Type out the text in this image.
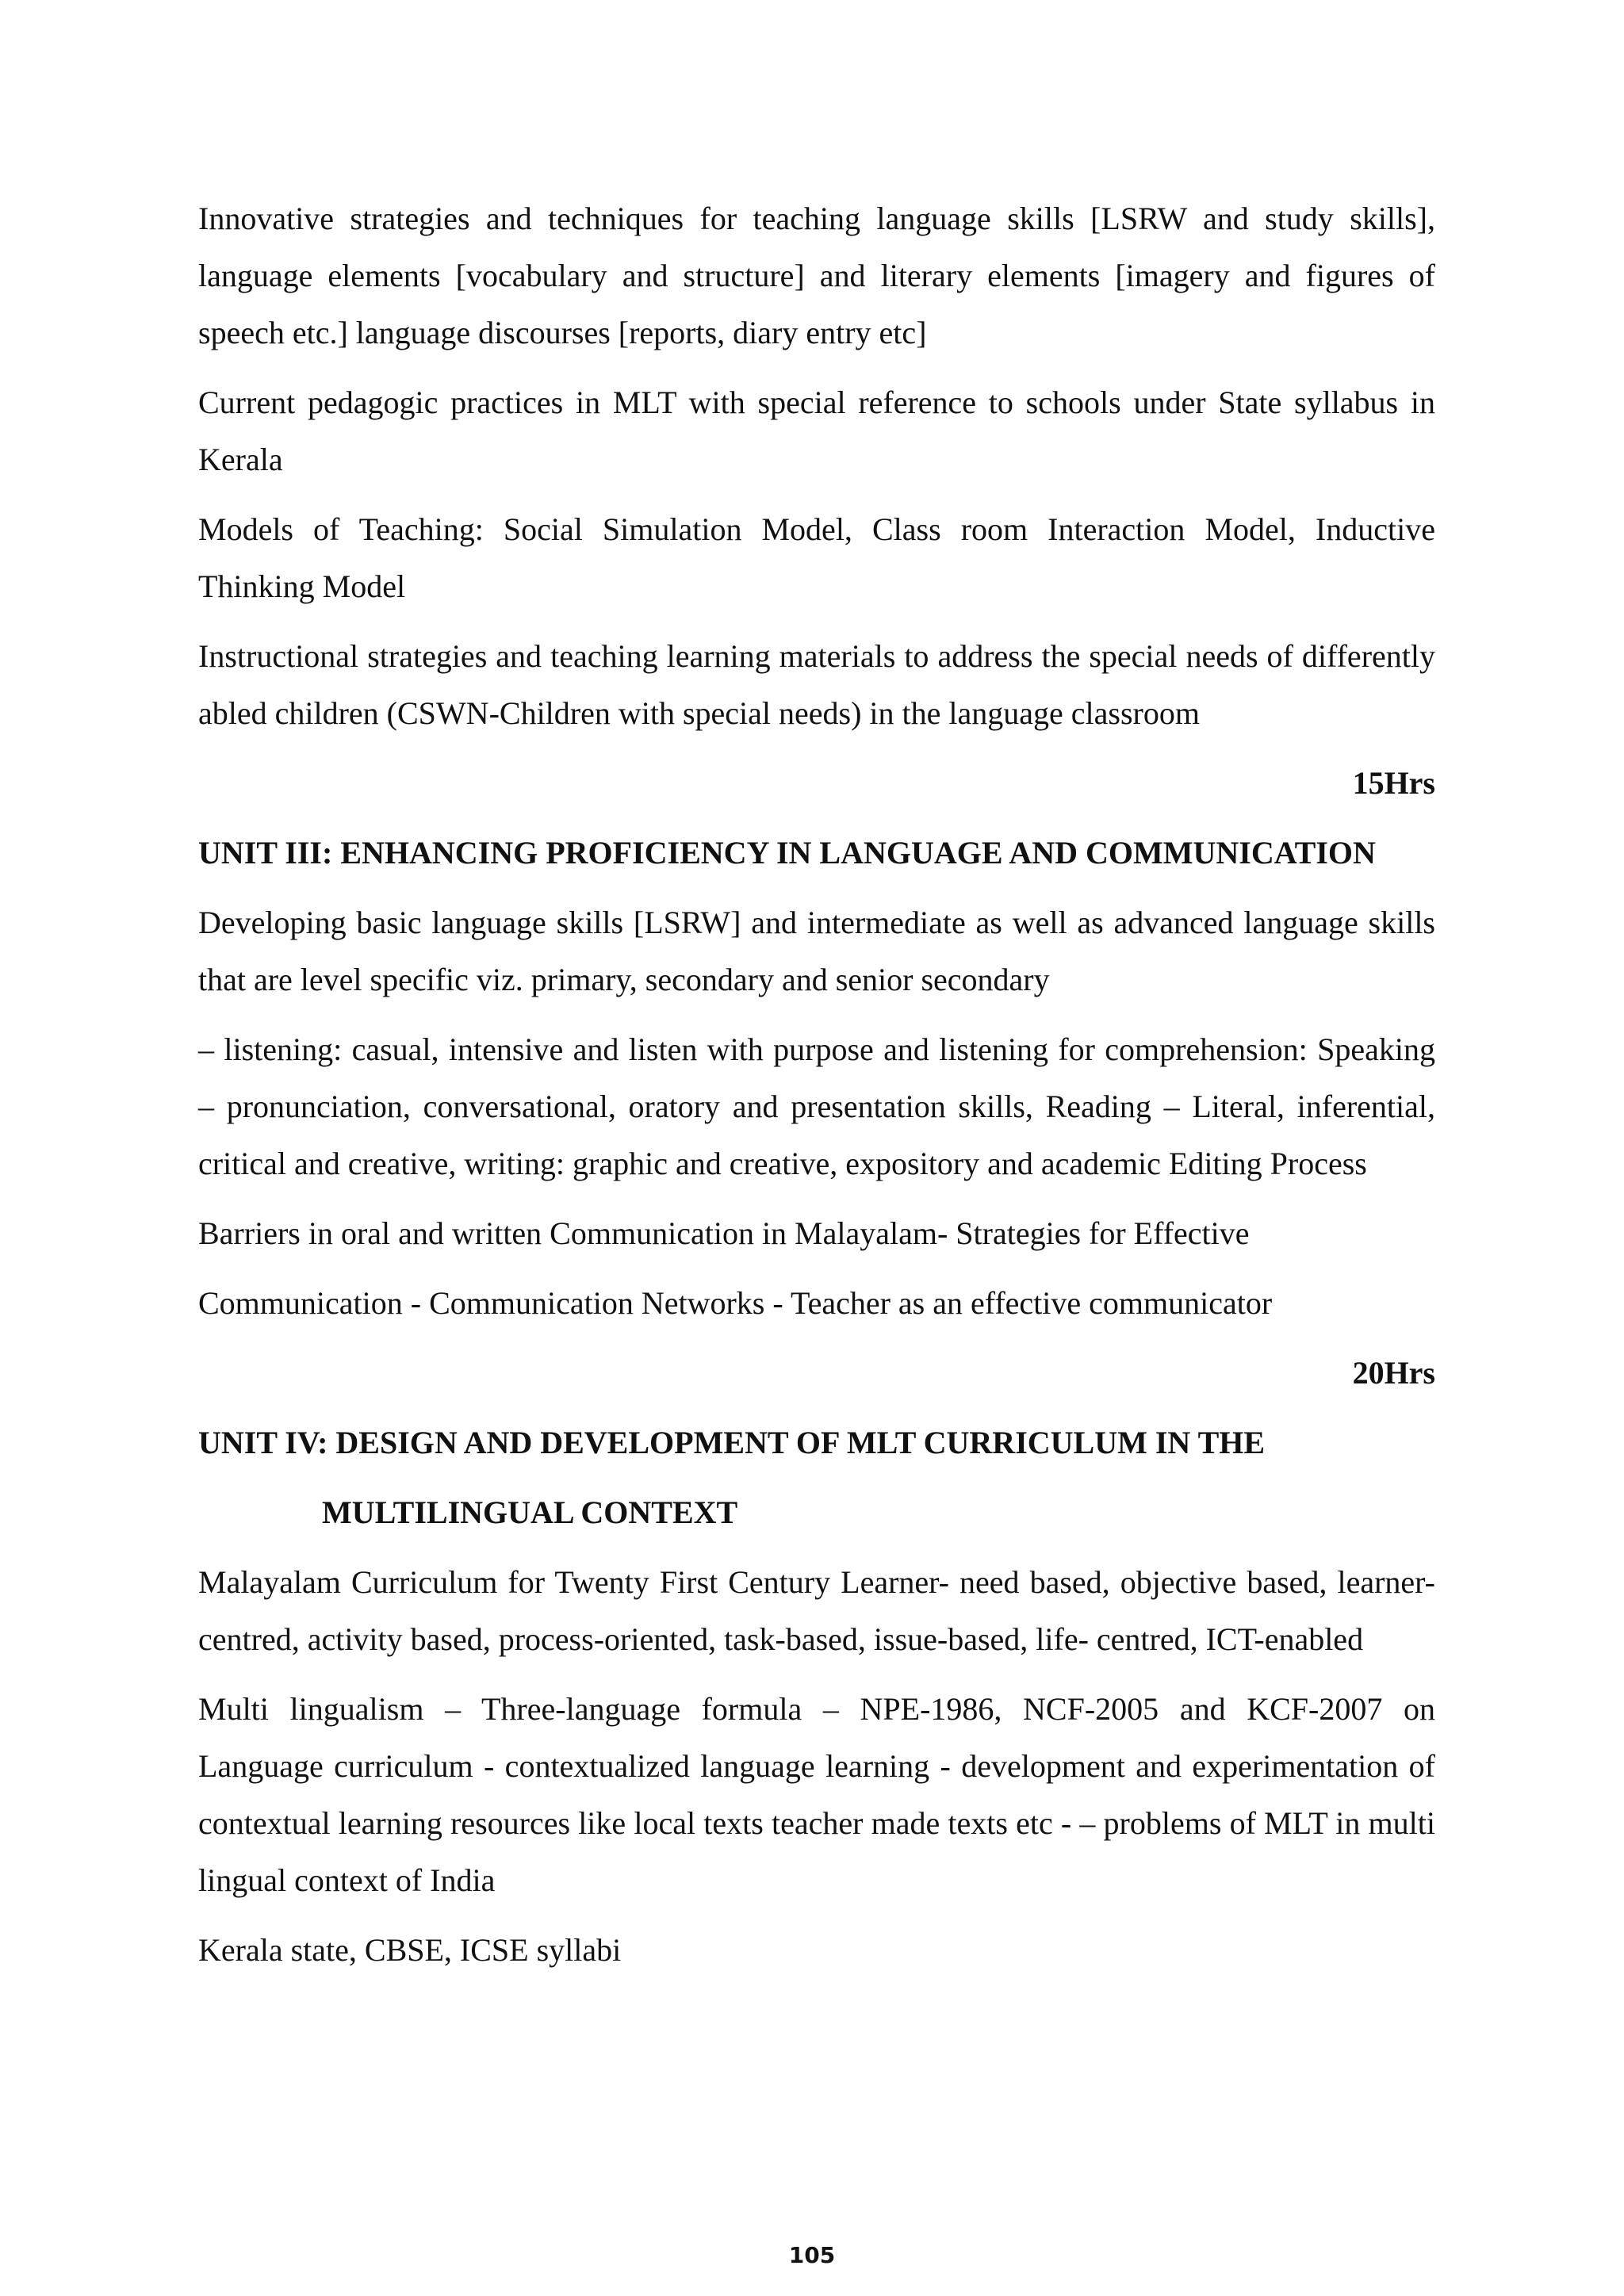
Innovative strategies and techniques for teaching language skills [LSRW and study skills], language elements [vocabulary and structure] and literary elements [imagery and figures of speech etc.] language discourses [reports, diary entry etc]

Current pedagogic practices in MLT with special reference to schools under State syllabus in Kerala

Models of Teaching: Social Simulation Model, Class room Interaction Model, Inductive Thinking Model

Instructional strategies and teaching learning materials to address the special needs of differently abled children (CSWN-Children with special needs) in the language classroom

15Hrs
UNIT III: ENHANCING PROFICIENCY IN LANGUAGE AND COMMUNICATION

Developing basic language skills [LSRW] and intermediate as well as advanced language skills that are level specific viz. primary, secondary and senior secondary

– listening: casual, intensive and listen with purpose and listening for comprehension: Speaking – pronunciation, conversational, oratory and presentation skills, Reading – Literal, inferential, critical and creative, writing: graphic and creative, expository and academic Editing Process

Barriers in oral and written Communication in Malayalam- Strategies for Effective

Communication - Communication Networks - Teacher as an effective communicator

20Hrs
UNIT IV: DESIGN AND DEVELOPMENT OF MLT CURRICULUM IN THE
MULTILINGUAL CONTEXT

Malayalam Curriculum for Twenty First Century Learner- need based, objective based, learner-centred, activity based, process-oriented, task-based, issue-based, life- centred, ICT-enabled

Multi lingualism – Three-language formula – NPE-1986, NCF-2005 and KCF-2007 on Language curriculum - contextualized language learning - development and experimentation of contextual learning resources like local texts teacher made texts etc - – problems of MLT in multi lingual context of India

Kerala state, CBSE, ICSE syllabi

105
